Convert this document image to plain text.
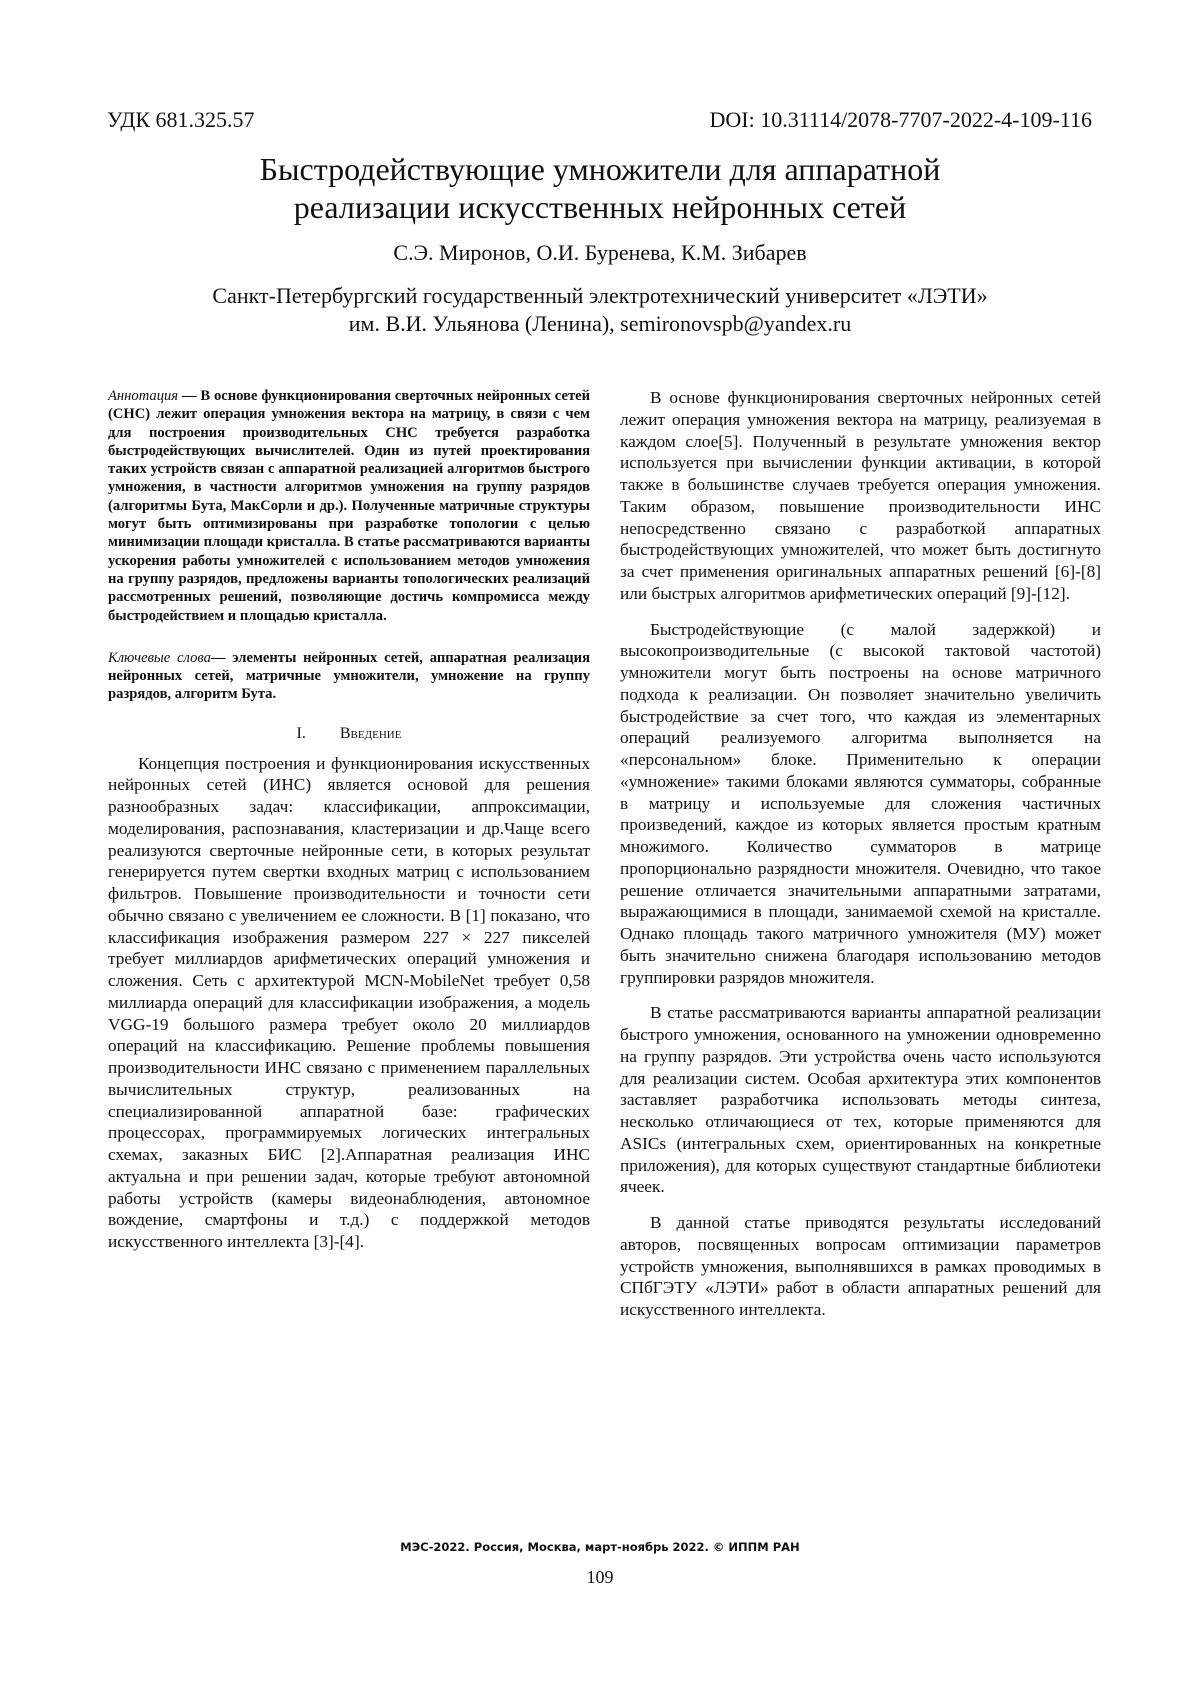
УДК 681.325.57	DOI: 10.31114/2078-7707-2022-4-109-116
Быстродействующие умножители для аппаратной
реализации искусственных нейронных сетей
С.Э. Миронов, О.И. Буренева, К.М. Зибарев
Санкт-Петербургский государственный электротехнический университет «ЛЭТИ»
им. В.И. Ульянова (Ленина), semironovspb@yandex.ru

Аннотация — В основе функционирования сверточных нейронных сетей (СНС) лежит операция умножения вектора на матрицу, в связи с чем для построения производительных СНС требуется разработка быстродействующих вычислителей. Один из путей проектирования таких устройств связан с аппаратной реализацией алгоритмов быстрого умножения, в частности алгоритмов умножения на группу разрядов (алгоритмы Бута, МакСорли и др.). Полученные матричные структуры могут быть оптимизированы при разработке топологии с целью минимизации площади кристалла. В статье рассматриваются варианты ускорения работы умножителей с использованием методов умножения на группу разрядов, предложены варианты топологических реализаций рассмотренных решений, позволяющие достичь компромисса между быстродействием и площадью кристалла.

Ключевые слова— элементы нейронных сетей, аппаратная реализация нейронных сетей, матричные умножители, умножение на группу разрядов, алгоритм Бута.

I. Введение

Концепция построения и функционирования искусственных нейронных сетей (ИНС) является основой для решения разнообразных задач: классификации, аппроксимации, моделирования, распознавания, кластеризации и др.Чаще всего реализуются сверточные нейронные сети, в которых результат генерируется путем свертки входных матриц с использованием фильтров. Повышение производительности и точности сети обычно связано с увеличением ее сложности. В [1] показано, что классификация изображения размером 227 × 227 пикселей требует миллиардов арифметических операций умножения и сложения. Сеть с архитектурой MCN-MobileNet требует 0,58 миллиарда операций для классификации изображения, а модель VGG-19 большого размера требует около 20 миллиардов операций на классификацию. Решение проблемы повышения производительности ИНС связано с применением параллельных вычислительных структур, реализованных на специализированной аппаратной базе: графических процессорах, программируемых логических интегральных схемах, заказных БИС [2].Аппаратная реализация ИНС актуальна и при решении задач, которые требуют автономной работы устройств (камеры видеонаблюдения, автономное вождение, смартфоны и т.д.) с поддержкой методов искусственного интеллекта [3]-[4].

В основе функционирования сверточных нейронных сетей лежит операция умножения вектора на матрицу, реализуемая в каждом слое[5]. Полученный в результате умножения вектор используется при вычислении функции активации, в которой также в большинстве случаев требуется операция умножения. Таким образом, повышение производительности ИНС непосредственно связано с разработкой аппаратных быстродействующих умножителей, что может быть достигнуто за счет применения оригинальных аппаратных решений [6]-[8] или быстрых алгоритмов арифметических операций [9]-[12].

Быстродействующие (с малой задержкой) и высокопроизводительные (с высокой тактовой частотой) умножители могут быть построены на основе матричного подхода к реализации. Он позволяет значительно увеличить быстродействие за счет того, что каждая из элементарных операций реализуемого алгоритма выполняется на «персональном» блоке. Применительно к операции «умножение» такими блоками являются сумматоры, собранные в матрицу и используемые для сложения частичных произведений, каждое из которых является простым кратным множимого. Количество сумматоров в матрице пропорционально разрядности множителя. Очевидно, что такое решение отличается значительными аппаратными затратами, выражающимися в площади, занимаемой схемой на кристалле. Однако площадь такого матричного умножителя (МУ) может быть значительно снижена благодаря использованию методов группировки разрядов множителя.

В статье рассматриваются варианты аппаратной реализации быстрого умножения, основанного на умножении одновременно на группу разрядов. Эти устройства очень часто используются для реализации систем. Особая архитектура этих компонентов заставляет разработчика использовать методы синтеза, несколько отличающиеся от тех, которые применяются для ASICs (интегральных схем, ориентированных на конкретные приложения), для которых существуют стандартные библиотеки ячеек.

В данной статье приводятся результаты исследований авторов, посвященных вопросам оптимизации параметров устройств умножения, выполнявшихся в рамках проводимых в СПбГЭТУ «ЛЭТИ» работ в области аппаратных решений для искусственного интеллекта.

МЭС-2022. Россия, Москва, март-ноябрь 2022. © ИППМ РАН
109
